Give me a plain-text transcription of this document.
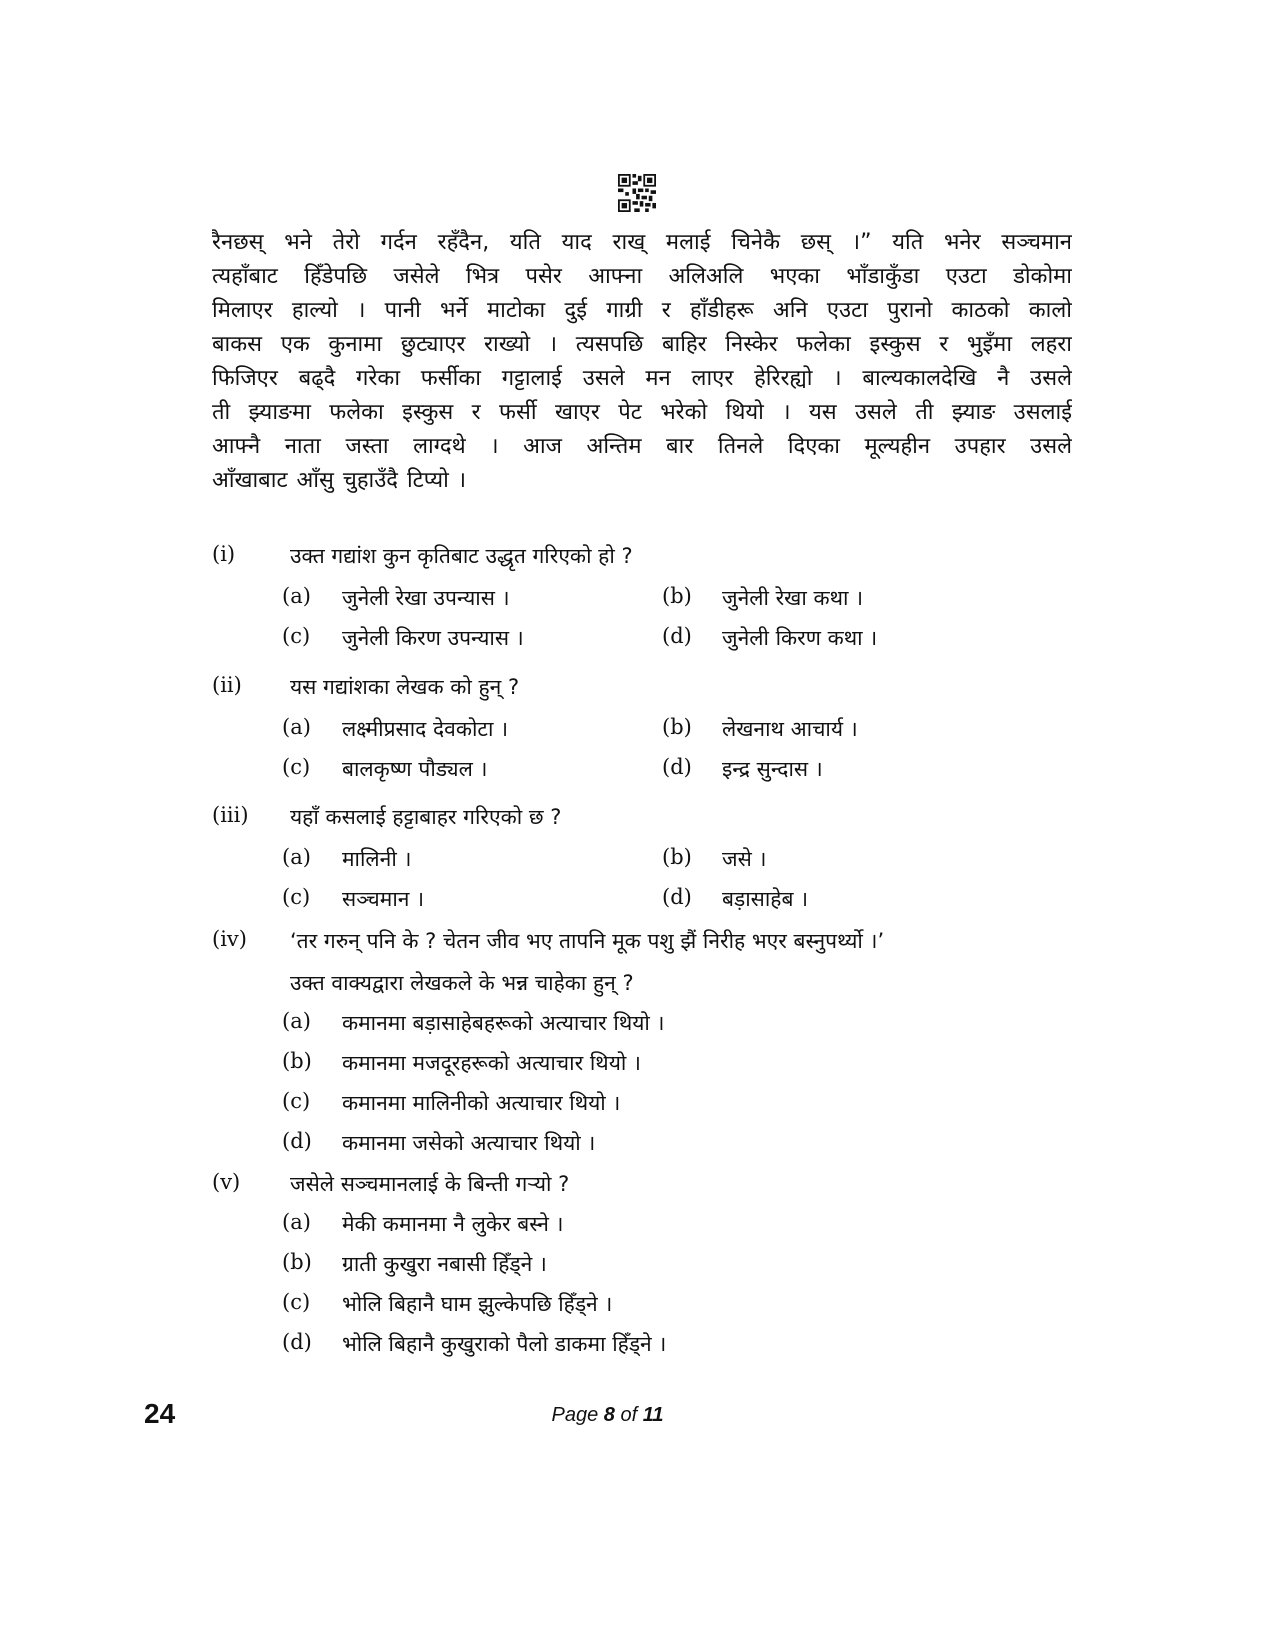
रैनछस् भने तेरो गर्दन रहँदैन, यति याद राख् मलाई चिनेकै छस् ।” यति भनेर सञ्चमान
त्यहाँबाट हिँडेपछि जसेले भित्र पसेर आफ्ना अलिअलि भएका भाँडाकुँडा एउटा डोकोमा
मिलाएर हाल्यो । पानी भर्ने माटोका दुई गाग्री र हाँडीहरू अनि एउटा पुरानो काठको कालो
बाकस एक कुनामा छुट्याएर राख्यो । त्यसपछि बाहिर निस्केर फलेका इस्कुस र भुइँमा लहरा
फिजिएर बढ्दै गरेका फर्सीका गट्टालाई उसले मन लाएर हेरिरह्यो । बाल्यकालदेखि नै उसले
ती झ्याङमा फलेका इस्कुस र फर्सी खाएर पेट भरेको थियो । यस उसले ती झ्याङ उसलाई
आफ्नै नाता जस्ता लाग्दथे । आज अन्तिम बार तिनले दिएका मूल्यहीन उपहार उसले
आँखाबाट आँसु चुहाउँदै टिप्यो ।
(i)	उक्त गद्यांश कुन कृतिबाट उद्धृत गरिएको हो ?
(a) जुनेली रेखा उपन्यास ।	(b) जुनेली रेखा कथा ।
(c) जुनेली किरण उपन्यास ।	(d) जुनेली किरण कथा ।
(ii) यस गद्यांशका लेखक को हुन् ?
(a) लक्ष्मीप्रसाद देवकोटा ।	(b) लेखनाथ आचार्य ।
(c) बालकृष्ण पौड्यल ।	(d) इन्द्र सुन्दास ।
(iii) यहाँ कसलाई हट्टाबाहर गरिएको छ ?
(a) मालिनी ।	(b) जसे ।
(c) सञ्चमान ।	(d) बड़ासाहेब ।
(iv) ‘तर गरुन् पनि के ? चेतन जीव भए तापनि मूक पशु झैं निरीह भएर बस्नुपर्थ्यो ।’
उक्त वाक्यद्वारा लेखकले के भन्न चाहेका हुन् ?
(a) कमानमा बड़ासाहेबहरूको अत्याचार थियो ।
(b) कमानमा मजदूरहरूको अत्याचार थियो ।
(c) कमानमा मालिनीको अत्याचार थियो ।
(d) कमानमा जसेको अत्याचार थियो ।
(v) जसेले सञ्चमानलाई के बिन्ती गर्‍यो ?
(a) मेकी कमानमा नै लुकेर बस्ने ।
(b) ग्राती कुखुरा नबासी हिँड्ने ।
(c) भोलि बिहानै घाम झुल्केपछि हिँड्ने ।
(d) भोलि बिहानै कुखुराको पैलो डाकमा हिँड्ने ।
24	Page 8 of 11
